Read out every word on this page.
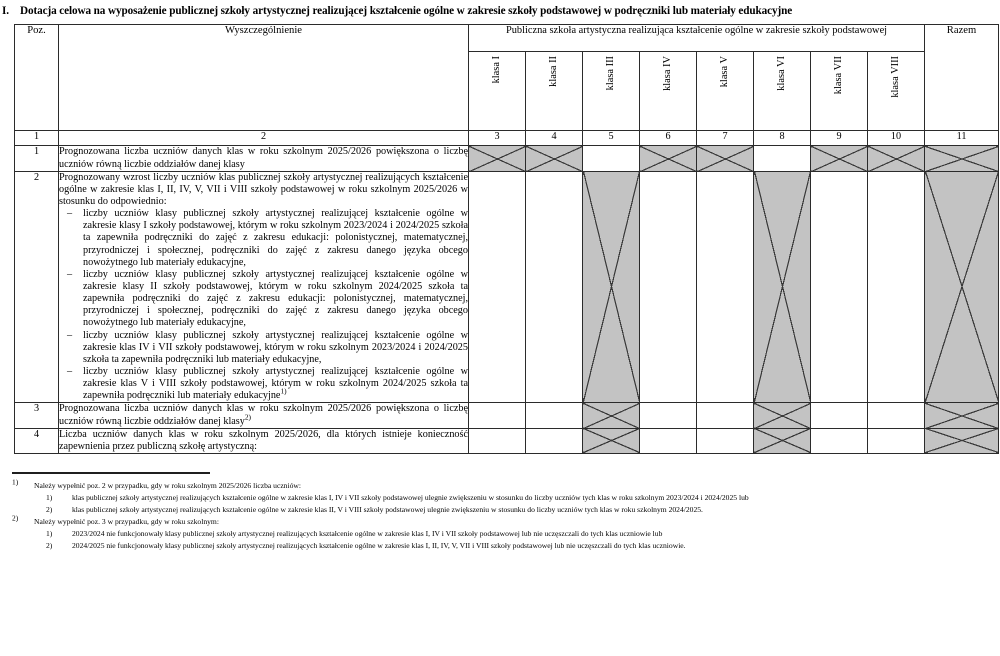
I. Dotacja celowa na wyposażenie publicznej szkoły artystycznej realizującej kształcenie ogólne w zakresie szkoły podstawowej w podręczniki lub materiały edukacyjne
Poz.	Wyszczególnienie	Publiczna szkoła artystyczna realizująca kształcenie ogólne w zakresie szkoły podstawowej								Razem
		klasa I	klasa II	klasa III	klasa IV	klasa V	klasa VI	klasa VII	klasa VIII	
1	2	3	4	5	6	7	8	9	10	11
1	Prognozowana liczba uczniów danych klas w roku szkolnym 2025/2026 powiększona o liczbę uczniów równą liczbie oddziałów danej klasy									

2	Prognozowany wzrost liczby uczniów klas publicznej szkoły artystycznej realizujących kształcenie ogólne w zakresie klas I, II, IV, V, VII i VIII szkoły podstawowej w roku szkolnym 2025/2026 w stosunku do odpowiednio:

– liczby uczniów klasy publicznej szkoły artystycznej realizującej kształcenie ogólne w zakresie klasy I szkoły podstawowej, którym w roku szkolnym 2023/2024 i 2024/2025 szkoła ta zapewniła podręczniki do zajęć z zakresu edukacji: polonistycznej, matematycznej, przyrodniczej i społecznej, podręczniki do zajęć z zakresu danego języka obcego nowożytnego lub materiały edukacyjne,
– liczby uczniów klasy publicznej szkoły artystycznej realizującej kształcenie ogólne w zakresie klasy II szkoły podstawowej, którym w roku szkolnym 2024/2025 szkoła ta zapewniła podręczniki do zajęć z zakresu edukacji: polonistycznej, matematycznej, przyrodniczej i społecznej, podręczniki do zajęć z zakresu danego języka obcego nowożytnego lub materiały edukacyjne,
– liczby uczniów klasy publicznej szkoły artystycznej realizującej kształcenie ogólne w zakresie klas IV i VII szkoły podstawowej, którym w roku szkolnym 2023/2024 i 2024/2025 szkoła ta zapewniła podręczniki lub materiały edukacyjne,
– liczby uczniów klasy publicznej szkoły artystycznej realizującej kształcenie ogólne w zakresie klas V i VIII szkoły podstawowej, którym w roku szkolnym 2024/2025 szkoła ta zapewniła podręczniki lub materiały edukacyjne$^{1)}$

3	Prognozowana liczba uczniów danych klas w roku szkolnym 2025/2026 powiększona o liczbę uczniów równą liczbie oddziałów danej klasy$^{2)}$

4	Liczba uczniów danych klas w roku szkolnym 2025/2026, dla których istnieje konieczność zapewnienia przez publiczną szkołę artystyczną:									

$^{1)}$	Należy wypełnić poz. 2 w przypadku, gdy w roku szkolnym 2025/2026 liczba uczniów:
1)	klas publicznej szkoły artystycznej realizujących kształcenie ogólne w zakresie klas I, IV i VII szkoły podstawowej ulegnie zwiększeniu w stosunku do liczby uczniów tych klas w roku szkolnym 2023/2024 i 2024/2025 lub
2)	klas publicznej szkoły artystycznej realizujących kształcenie ogólne w zakresie klas II, V i VIII szkoły podstawowej ulegnie zwiększeniu w stosunku do liczby uczniów tych klas w roku szkolnym 2024/2025.
$^{2)}$	Należy wypełnić poz. 3 w przypadku, gdy w roku szkolnym:
1)	2023/2024 nie funkcjonowały klasy publicznej szkoły artystycznej realizujących kształcenie ogólne w zakresie klas I, IV i VII szkoły podstawowej lub nie uczęszczali do tych klas uczniowie lub
2)	2024/2025 nie funkcjonowały klasy publicznej szkoły artystycznej realizujących kształcenie ogólne w zakresie klas I, II, IV, V, VII i VIII szkoły podstawowej lub nie uczęszczali do tych klas uczniowie.
